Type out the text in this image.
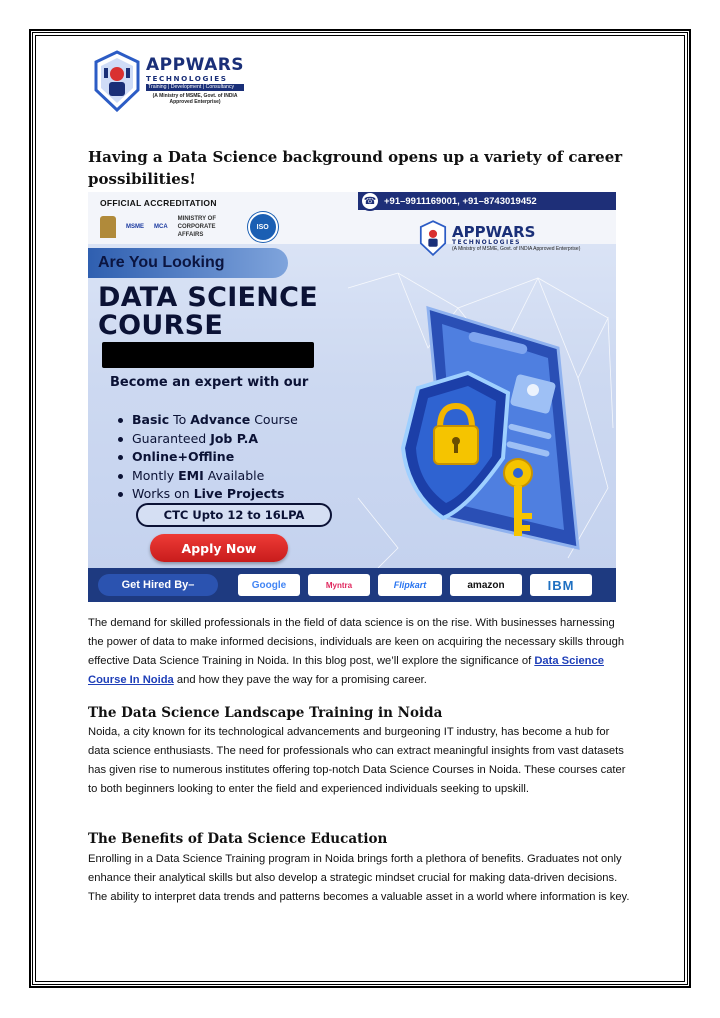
APPWARS
TECHNOLOGIES
Training | Development | Consultancy
(A Ministry of MSME, Govt. of INDIA
Approved Enterprise)
Having a Data Science background opens up a variety of career possibilities!
OFFICIAL ACCREDITATION
MSME MCA
MINISTRY OF CORPORATE AFFAIRS
ISO
+91–9911169001, +91–8743019452
☎
APPWARS
TECHNOLOGIES
(A Ministry of MSME, Govt. of INDIA Approved Enterprise)
Are You Looking
DATA SCIENCE
COURSE
Become an expert with our
Basic To Advance Course
Guaranteed Job P.A
Online+Offline
Montly EMI Available
Works on Live Projects
CTC Upto 12 to 16LPA
Apply Now
Get Hired By–	Google	Myntra	Flipkart	amazon	IBM

The demand for skilled professionals in the field of data science is on the rise. With businesses harnessing the power of data to make informed decisions, individuals are keen on acquiring the necessary skills through effective Data Science Training in Noida. In this blog post, we’ll explore the significance of Data Science Course In Noida and how they pave the way for a promising career.

The Data Science Landscape Training in Noida

Noida, a city known for its technological advancements and burgeoning IT industry, has become a hub for data science enthusiasts. The need for professionals who can extract meaningful insights from vast datasets has given rise to numerous institutes offering top-notch Data Science Courses in Noida. These courses cater to both beginners looking to enter the field and experienced individuals seeking to upskill.

The Benefits of Data Science Education

Enrolling in a Data Science Training program in Noida brings forth a plethora of benefits. Graduates not only enhance their analytical skills but also develop a strategic mindset crucial for making data-driven decisions. The ability to interpret data trends and patterns becomes a valuable asset in a world where information is key.
